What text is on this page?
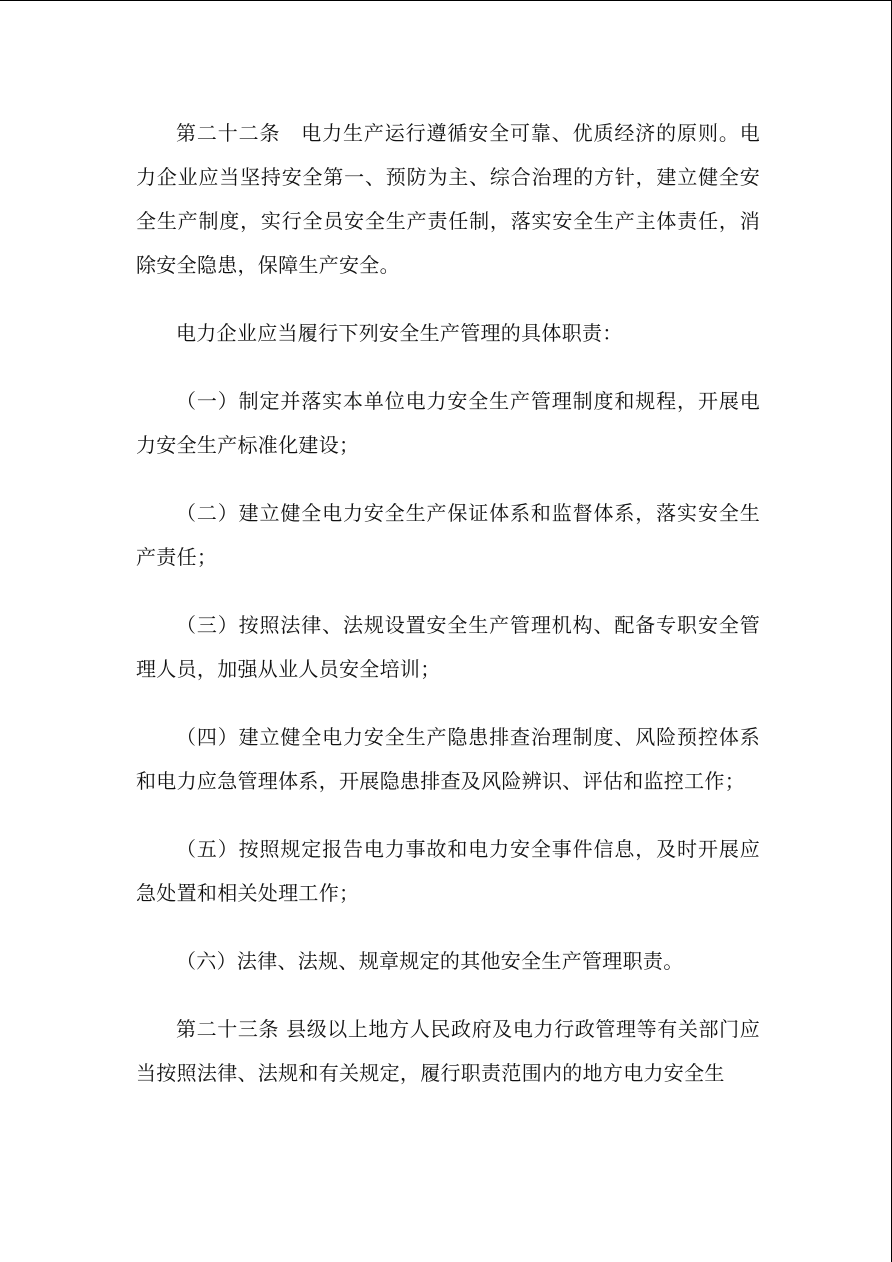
第二十二条　电力生产运行遵循安全可靠、优质经济的原则。电力企业应当坚持安全第一、预防为主、综合治理的方针，建立健全安全生产制度，实行全员安全生产责任制，落实安全生产主体责任，消除安全隐患，保障生产安全。

电力企业应当履行下列安全生产管理的具体职责：

（一）制定并落实本单位电力安全生产管理制度和规程，开展电力安全生产标准化建设；

（二）建立健全电力安全生产保证体系和监督体系，落实安全生产责任；

（三）按照法律、法规设置安全生产管理机构、配备专职安全管理人员，加强从业人员安全培训；

（四）建立健全电力安全生产隐患排查治理制度、风险预控体系和电力应急管理体系，开展隐患排查及风险辨识、评估和监控工作；

（五）按照规定报告电力事故和电力安全事件信息，及时开展应急处置和相关处理工作；

（六）法律、法规、规章规定的其他安全生产管理职责。

第二十三条 县级以上地方人民政府及电力行政管理等有关部门应当按照法律、法规和有关规定，履行职责范围内的地方电力安全生
